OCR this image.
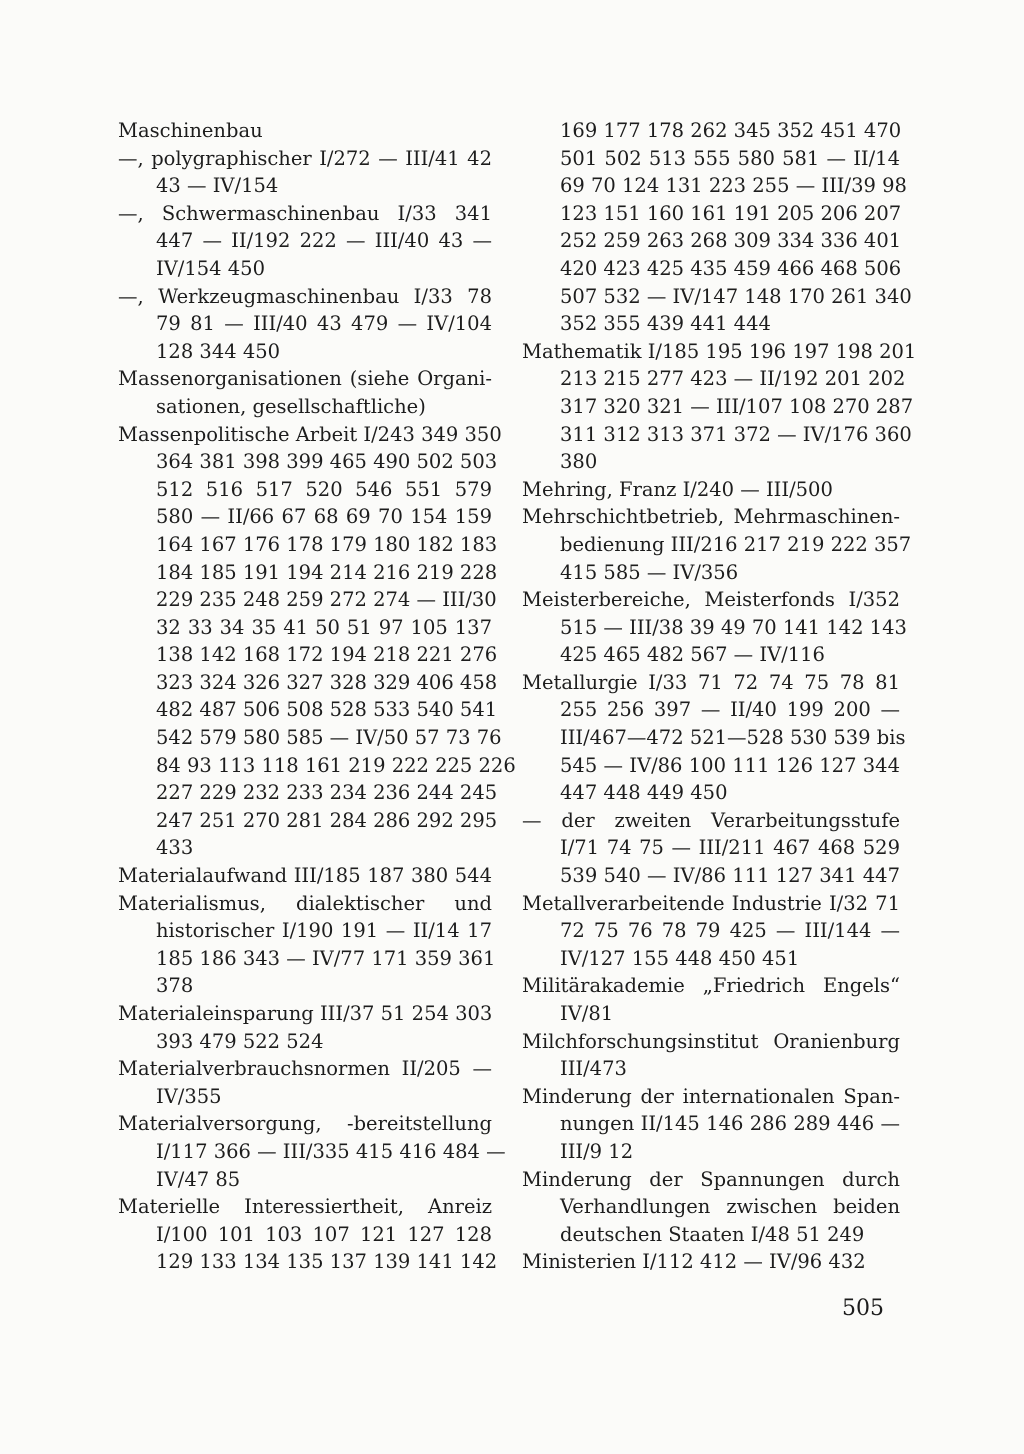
Maschinenbau
—, polygraphischer I/272 — III/41 42
43 — IV/154
—, Schwermaschinenbau I/33 341
447 — II/192 222 — III/40 43 —
IV/154 450
—, Werkzeugmaschinenbau I/33 78
79 81 — III/40 43 479 — IV/104
128 344 450
Massenorganisationen (siehe Organi-
sationen, gesellschaftliche)
Massenpolitische Arbeit I/243 349 350
364 381 398 399 465 490 502 503
512 516 517 520 546 551 579
580 — II/66 67 68 69 70 154 159
164 167 176 178 179 180 182 183
184 185 191 194 214 216 219 228
229 235 248 259 272 274 — III/30
32 33 34 35 41 50 51 97 105 137
138 142 168 172 194 218 221 276
323 324 326 327 328 329 406 458
482 487 506 508 528 533 540 541
542 579 580 585 — IV/50 57 73 76
84 93 113 118 161 219 222 225 226
227 229 232 233 234 236 244 245
247 251 270 281 284 286 292 295
433
Materialaufwand III/185 187 380 544
Materialismus, dialektischer und
historischer I/190 191 — II/14 17
185 186 343 — IV/77 171 359 361
378
Materialeinsparung III/37 51 254 303
393 479 522 524
Materialverbrauchsnormen II/205 —
IV/355
Materialversorgung, -bereitstellung
I/117 366 — III/335 415 416 484 —
IV/47 85
Materielle Interessiertheit, Anreiz
I/100 101 103 107 121 127 128
129 133 134 135 137 139 141 142
169 177 178 262 345 352 451 470
501 502 513 555 580 581 — II/14
69 70 124 131 223 255 — III/39 98
123 151 160 161 191 205 206 207
252 259 263 268 309 334 336 401
420 423 425 435 459 466 468 506
507 532 — IV/147 148 170 261 340
352 355 439 441 444
Mathematik I/185 195 196 197 198 201
213 215 277 423 — II/192 201 202
317 320 321 — III/107 108 270 287
311 312 313 371 372 — IV/176 360
380
Mehring, Franz I/240 — III/500
Mehrschichtbetrieb, Mehrmaschinen-
bedienung III/216 217 219 222 357
415 585 — IV/356
Meisterbereiche, Meisterfonds I/352
515 — III/38 39 49 70 141 142 143
425 465 482 567 — IV/116
Metallurgie I/33 71 72 74 75 78 81
255 256 397 — II/40 199 200 —
III/467—472 521—528 530 539 bis
545 — IV/86 100 111 126 127 344
447 448 449 450
— der zweiten Verarbeitungsstufe
I/71 74 75 — III/211 467 468 529
539 540 — IV/86 111 127 341 447
Metallverarbeitende Industrie I/32 71
72 75 76 78 79 425 — III/144 —
IV/127 155 448 450 451
Militärakademie „Friedrich Engels“
IV/81
Milchforschungsinstitut Oranienburg
III/473
Minderung der internationalen Span-
nungen II/145 146 286 289 446 —
III/9 12
Minderung der Spannungen durch
Verhandlungen zwischen beiden
deutschen Staaten I/48 51 249
Ministerien I/112 412 — IV/96 432
505
